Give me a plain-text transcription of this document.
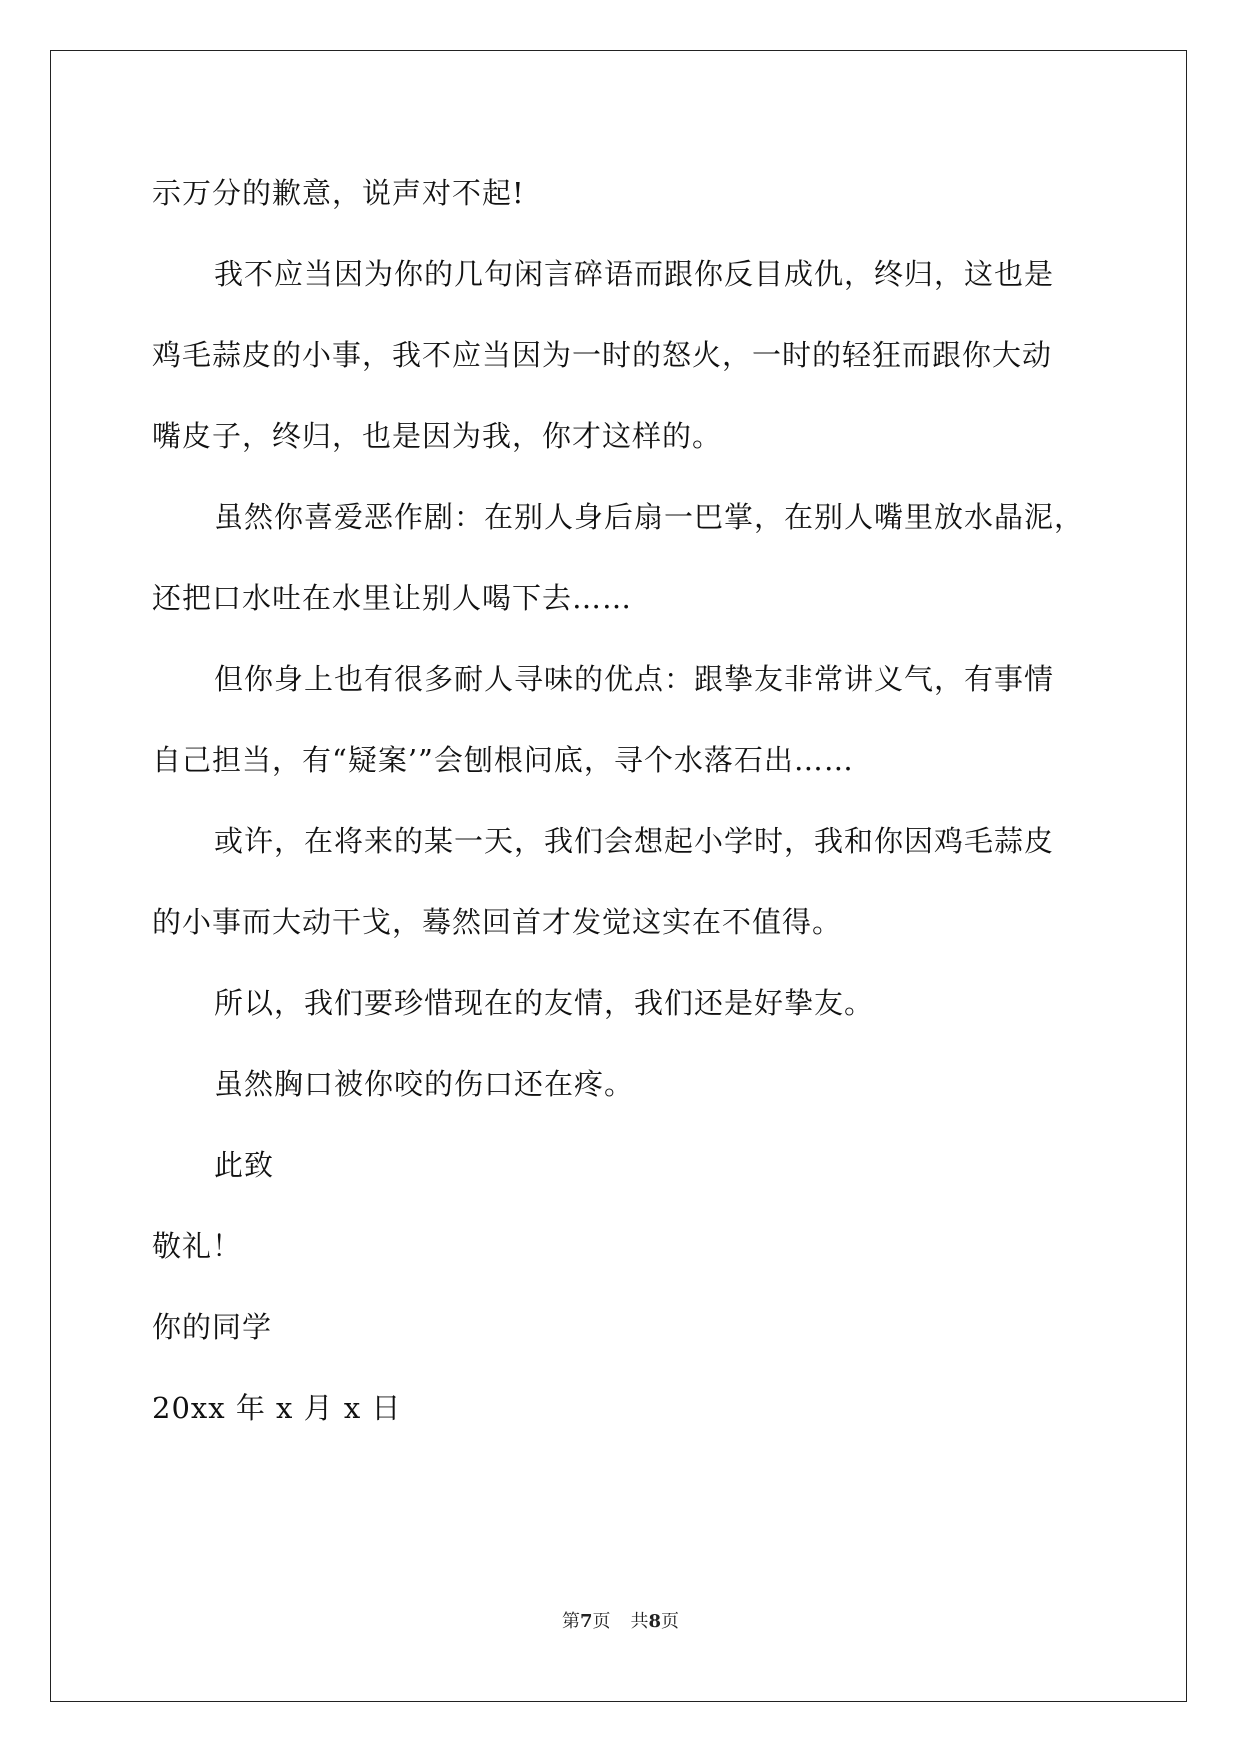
示万分的歉意，说声对不起!
我不应当因为你的几句闲言碎语而跟你反目成仇，终归，这也是
鸡毛蒜皮的小事，我不应当因为一时的怒火，一时的轻狂而跟你大动
嘴皮子，终归，也是因为我，你才这样的。
虽然你喜爱恶作剧：在别人身后扇一巴掌，在别人嘴里放水晶泥，
还把口水吐在水里让别人喝下去……
但你身上也有很多耐人寻味的优点：跟挚友非常讲义气，有事情
自己担当，有“疑案’”会刨根问底，寻个水落石出……
或许，在将来的某一天，我们会想起小学时，我和你因鸡毛蒜皮
的小事而大动干戈，蓦然回首才发觉这实在不值得。
所以，我们要珍惜现在的友情，我们还是好挚友。
虽然胸口被你咬的伤口还在疼。
此致
敬礼！
你的同学
20xx 年 x 月 x 日
第7页 共8页
